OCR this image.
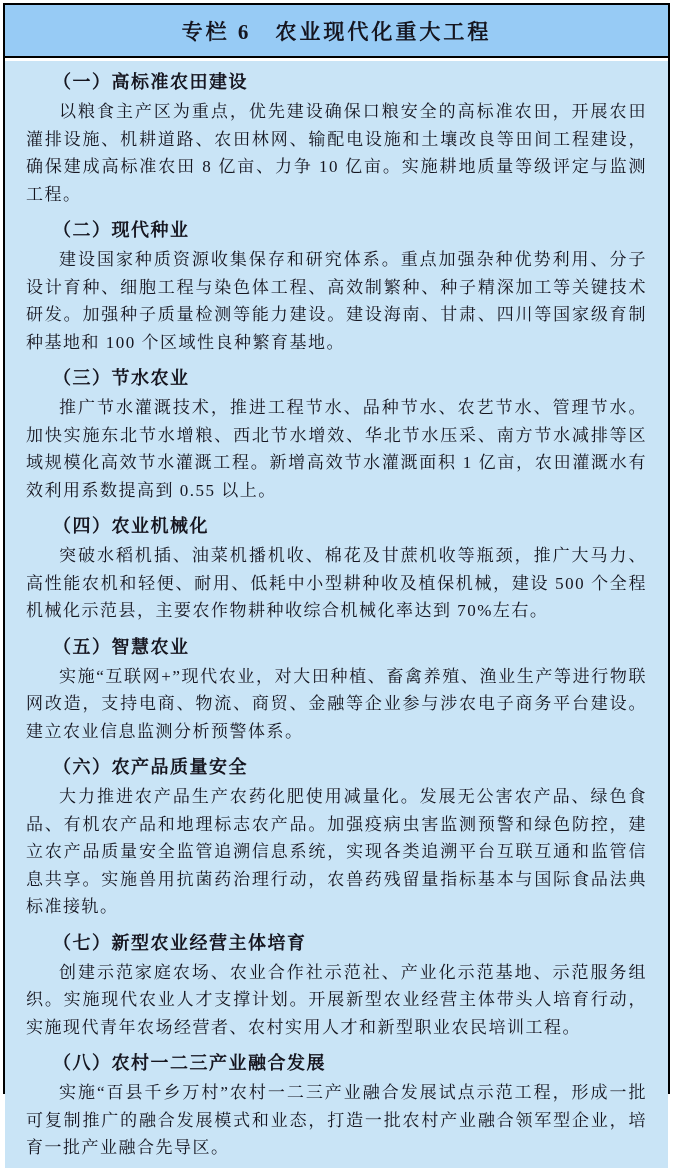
专栏 6　农业现代化重大工程
（一）高标准农田建设

以粮食主产区为重点，优先建设确保口粮安全的高标准农田，开展农田灌排设施、机耕道路、农田林网、输配电设施和土壤改良等田间工程建设，确保建成高标准农田 8 亿亩、力争 10 亿亩。实施耕地质量等级评定与监测工程。

（二）现代种业

建设国家种质资源收集保存和研究体系。重点加强杂种优势利用、分子设计育种、细胞工程与染色体工程、高效制繁种、种子精深加工等关键技术研发。加强种子质量检测等能力建设。建设海南、甘肃、四川等国家级育制种基地和 100 个区域性良种繁育基地。

（三）节水农业

推广节水灌溉技术，推进工程节水、品种节水、农艺节水、管理节水。加快实施东北节水增粮、西北节水增效、华北节水压采、南方节水减排等区域规模化高效节水灌溉工程。新增高效节水灌溉面积 1 亿亩，农田灌溉水有效利用系数提高到 0.55 以上。

（四）农业机械化

突破水稻机插、油菜机播机收、棉花及甘蔗机收等瓶颈，推广大马力、高性能农机和轻便、耐用、低耗中小型耕种收及植保机械，建设 500 个全程机械化示范县，主要农作物耕种收综合机械化率达到 70%左右。

（五）智慧农业

实施“互联网+”现代农业，对大田种植、畜禽养殖、渔业生产等进行物联网改造，支持电商、物流、商贸、金融等企业参与涉农电子商务平台建设。建立农业信息监测分析预警体系。

（六）农产品质量安全

大力推进农产品生产农药化肥使用减量化。发展无公害农产品、绿色食品、有机农产品和地理标志农产品。加强疫病虫害监测预警和绿色防控，建立农产品质量安全监管追溯信息系统，实现各类追溯平台互联互通和监管信息共享。实施兽用抗菌药治理行动，农兽药残留量指标基本与国际食品法典标准接轨。

（七）新型农业经营主体培育

创建示范家庭农场、农业合作社示范社、产业化示范基地、示范服务组织。实施现代农业人才支撑计划。开展新型农业经营主体带头人培育行动，实施现代青年农场经营者、农村实用人才和新型职业农民培训工程。

（八）农村一二三产业融合发展

实施“百县千乡万村”农村一二三产业融合发展试点示范工程，形成一批可复制推广的融合发展模式和业态，打造一批农村产业融合领军型企业，培育一批产业融合先导区。
